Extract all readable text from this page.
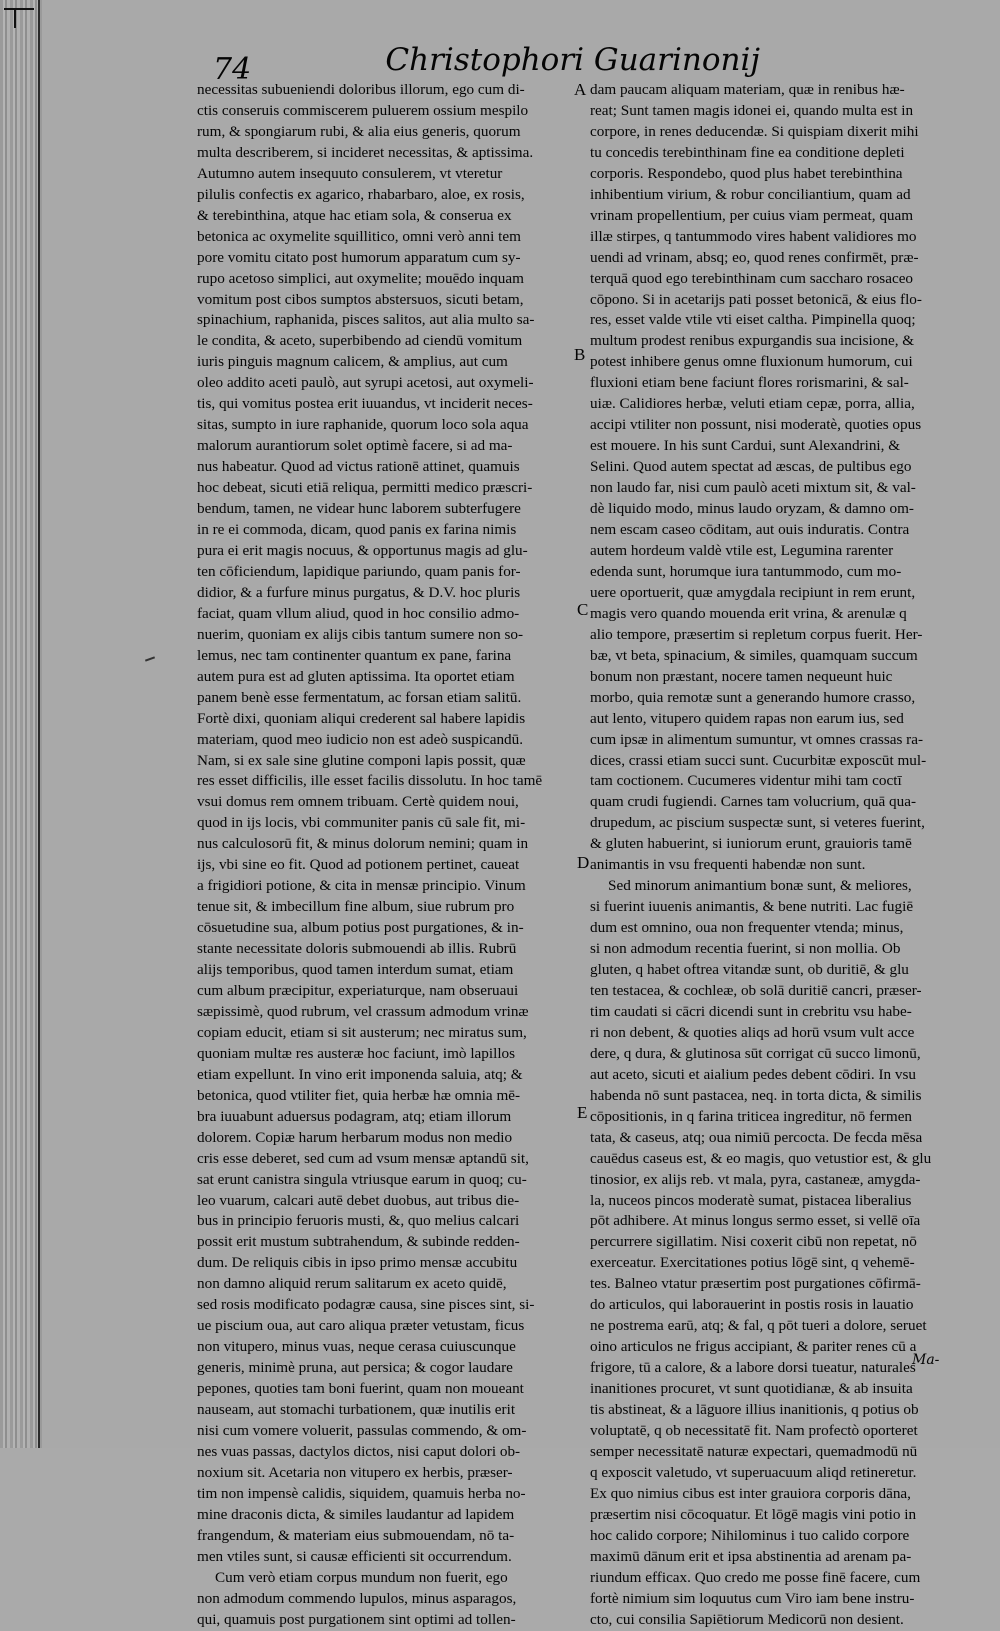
74	Christophori Guarinonij
necessitas subueniendi doloribus illorum, ego cum di-
ctis conseruis commiscerem puluerem ossium mespilo
rum, & spongiarum rubi, & alia eius generis, quorum
multa describerem, si incideret necessitas, & aptissima.
Autumno autem insequuto consulerem, vt vteretur
pilulis confectis ex agarico, rhabarbaro, aloe, ex rosis,
& terebinthina, atque hac etiam sola, & conserua ex
betonica ac oxymelite squillitico, omni verò anni tem
pore vomitu citato post humorum apparatum cum sy-
rupo acetoso simplici, aut oxymelite; mouēdo inquam
vomitum post cibos sumptos abstersuos, sicuti betam,
spinachium, raphanida, pisces salitos, aut alia multo sa-
le condita, & aceto, superbibendo ad ciendū vomitum
iuris pinguis magnum calicem, & amplius, aut cum
oleo addito aceti paulò, aut syrupi acetosi, aut oxymeli-
tis, qui vomitus postea erit iuuandus, vt inciderit neces-
sitas, sumpto in iure raphanide, quorum loco sola aqua
malorum aurantiorum solet optimè facere, si ad ma-
nus habeatur. Quod ad victus rationē attinet, quamuis
hoc debeat, sicuti etiā reliqua, permitti medico præscri-
bendum, tamen, ne videar hunc laborem subterfugere
in re ei commoda, dicam, quod panis ex farina nimis
pura ei erit magis nocuus, & opportunus magis ad glu-
ten cōficiendum, lapidique pariundo, quam panis for-
didior, & a furfure minus purgatus, & D.V. hoc pluris
faciat, quam vllum aliud, quod in hoc consilio admo-
nuerim, quoniam ex alijs cibis tantum sumere non so-
lemus, nec tam continenter quantum ex pane, farina
autem pura est ad gluten aptissima. Ita oportet etiam
panem benè esse fermentatum, ac forsan etiam salitū.
Fortè dixi, quoniam aliqui crederent sal habere lapidis
materiam, quod meo iudicio non est adeò suspicandū.
Nam, si ex sale sine glutine componi lapis possit, quæ
res esset difficilis, ille esset facilis dissolutu. In hoc tamē
vsui domus rem omnem tribuam. Certè quidem noui,
quod in ijs locis, vbi communiter panis cū sale fit, mi-
nus calculosorū fit, & minus dolorum nemini; quam in
ijs, vbi sine eo fit. Quod ad potionem pertinet, caueat
a frigidiori potione, & cita in mensæ principio. Vinum
tenue sit, & imbecillum fine album, siue rubrum pro
cōsuetudine sua, album potius post purgationes, & in-
stante necessitate doloris submouendi ab illis. Rubrū
alijs temporibus, quod tamen interdum sumat, etiam
cum album præcipitur, experiaturque, nam obseruaui
sæpissimè, quod rubrum, vel crassum admodum vrinæ
copiam educit, etiam si sit austerum; nec miratus sum,
quoniam multæ res austeræ hoc faciunt, imò lapillos
etiam expellunt. In vino erit imponenda saluia, atq; &
betonica, quod vtiliter fiet, quia herbæ hæ omnia mē-
bra iuuabunt aduersus podagram, atq; etiam illorum
dolorem. Copiæ harum herbarum modus non medio
cris esse deberet, sed cum ad vsum mensæ aptandū sit,
sat erunt canistra singula vtriusque earum in quoq; cu-
leo vuarum, calcari autē debet duobus, aut tribus die-
bus in principio feruoris musti, &, quo melius calcari
possit erit mustum subtrahendum, & subinde redden-
dum. De reliquis cibis in ipso primo mensæ accubitu
non damno aliquid rerum salitarum ex aceto quidē,
sed rosis modificato podagræ causa, sine pisces sint, si-
ue piscium oua, aut caro aliqua præter vetustam, ficus
non vitupero, minus vuas, neque cerasa cuiuscunque
generis, minimè pruna, aut persica; & cogor laudare
pepones, quoties tam boni fuerint, quam non moueant
nauseam, aut stomachi turbationem, quæ inutilis erit
nisi cum vomere voluerit, passulas commendo, & om-
nes vuas passas, dactylos dictos, nisi caput dolori ob-
noxium sit. Acetaria non vitupero ex herbis, præser-
tim non impensè calidis, siquidem, quamuis herba no-
mine draconis dicta, & similes laudantur ad lapidem
frangendum, & materiam eius submouendam, nō ta-
men vtiles sunt, si causæ efficienti sit occurrendum.
Cum verò etiam corpus mundum non fuerit, ego
non admodum commendo lupulos, minus asparagos,
qui, quamuis post purgationem sint optimi ad tollen-
dam paucam aliquam materiam, quæ in renibus hæ-
reat; Sunt tamen magis idonei ei, quando multa est in
corpore, in renes deducendæ. Si quispiam dixerit mihi
tu concedis terebinthinam fine ea conditione depleti
corporis. Respondebo, quod plus habet terebinthina
inhibentium virium, & robur conciliantium, quam ad
vrinam propellentium, per cuius viam permeat, quam
illæ stirpes, q tantummodo vires habent validiores mo
uendi ad vrinam, absq; eo, quod renes confirmēt, præ-
terquā quod ego terebinthinam cum saccharo rosaceo
cōpono. Si in acetarijs pati posset betonicā, & eius flo-
res, esset valde vtile vti eiset caltha. Pimpinella quoq;
multum prodest renibus expurgandis sua incisione, &
potest inhibere genus omne fluxionum humorum, cui
fluxioni etiam bene faciunt flores rorismarini, & sal-
uiæ. Calidiores herbæ, veluti etiam cepæ, porra, allia,
accipi vtiliter non possunt, nisi moderatè, quoties opus
est mouere. In his sunt Cardui, sunt Alexandrini, &
Selini. Quod autem spectat ad æscas, de pultibus ego
non laudo far, nisi cum paulò aceti mixtum sit, & val-
dè liquido modo, minus laudo oryzam, & damno om-
nem escam caseo cōditam, aut ouis induratis. Contra
autem hordeum valdè vtile est, Legumina rarenter
edenda sunt, horumque iura tantummodo, cum mo-
uere oportuerit, quæ amygdala recipiunt in rem erunt,
magis vero quando mouenda erit vrina, & arenulæ q
alio tempore, præsertim si repletum corpus fuerit. Her-
bæ, vt beta, spinacium, & similes, quamquam succum
bonum non præstant, nocere tamen nequeunt huic
morbo, quia remotæ sunt a generando humore crasso,
aut lento, vitupero quidem rapas non earum ius, sed
cum ipsæ in alimentum sumuntur, vt omnes crassas ra-
dices, crassi etiam succi sunt. Cucurbitæ exposcūt mul-
tam coctionem. Cucumeres videntur mihi tam coctī
quam crudi fugiendi. Carnes tam volucrium, quā qua-
drupedum, ac piscium suspectæ sunt, si veteres fuerint,
& gluten habuerint, si iuniorum erunt, grauioris tamē
animantis in vsu frequenti habendæ non sunt.
Sed minorum animantium bonæ sunt, & meliores,
si fuerint iuuenis animantis, & bene nutriti. Lac fugiē
dum est omnino, oua non frequenter vtenda; minus,
si non admodum recentia fuerint, si non mollia. Ob
gluten, q habet oftrea vitandæ sunt, ob duritiē, & glu
ten testacea, & cochleæ, ob solā duritiē cancri, præser-
tim caudati si cācri dicendi sunt in crebritu vsu habe-
ri non debent, & quoties aliqs ad horū vsum vult acce
dere, q dura, & glutinosa sūt corrigat cū succo limonū,
aut aceto, sicuti et aialium pedes debent cōdiri. In vsu
habenda nō sunt pastacea, neq. in torta dicta, & similis
cōpositionis, in q farina triticea ingreditur, nō fermen
tata, & caseus, atq; oua nimiū percocta. De fecda mēsa
cauēdus caseus est, & eo magis, quo vetustior est, & glu
tinosior, ex alijs reb. vt mala, pyra, castaneæ, amygda-
la, nuceos pincos moderatè sumat, pistacea liberalius
pōt adhibere. At minus longus sermo esset, si vellē oīa
percurrere sigillatim. Nisi coxerit cibū non repetat, nō
exerceatur. Exercitationes potius lōgē sint, q vehemē-
tes. Balneo vtatur præsertim post purgationes cōfirmā-
do articulos, qui laborauerint in postis rosis in lauatio
ne postrema earū, atq; & fal, q pōt tueri a dolore, seruet
oino articulos ne frigus accipiant, & pariter renes cū a
frigore, tū a calore, & a labore dorsi tueatur, naturales
inanitiones procuret, vt sunt quotidianæ, & ab insuita
tis abstineat, & a lāguore illius inanitionis, q potius ob
voluptatē, q ob necessitatē fit. Nam profectò oporteret
semper necessitatē naturæ expectari, quemadmodū nū
q exposcit valetudo, vt superuacuum aliqd retineretur.
Ex quo nimius cibus est inter grauiora corporis dāna,
præsertim nisi cōcoquatur. Et lōgē magis vini potio in
hoc calido corpore; Nihilominus i tuo calido corpore
maximū dānum erit et ipsa abstinentia ad arenam pa-
riundum efficax. Quo credo me posse finē facere, cum
fortè nimium sim loquutus cum Viro iam bene instru-
cto, cui consilia Sapiētiorum Medicorū non desient.
A
B
C
D
E
Ma-
